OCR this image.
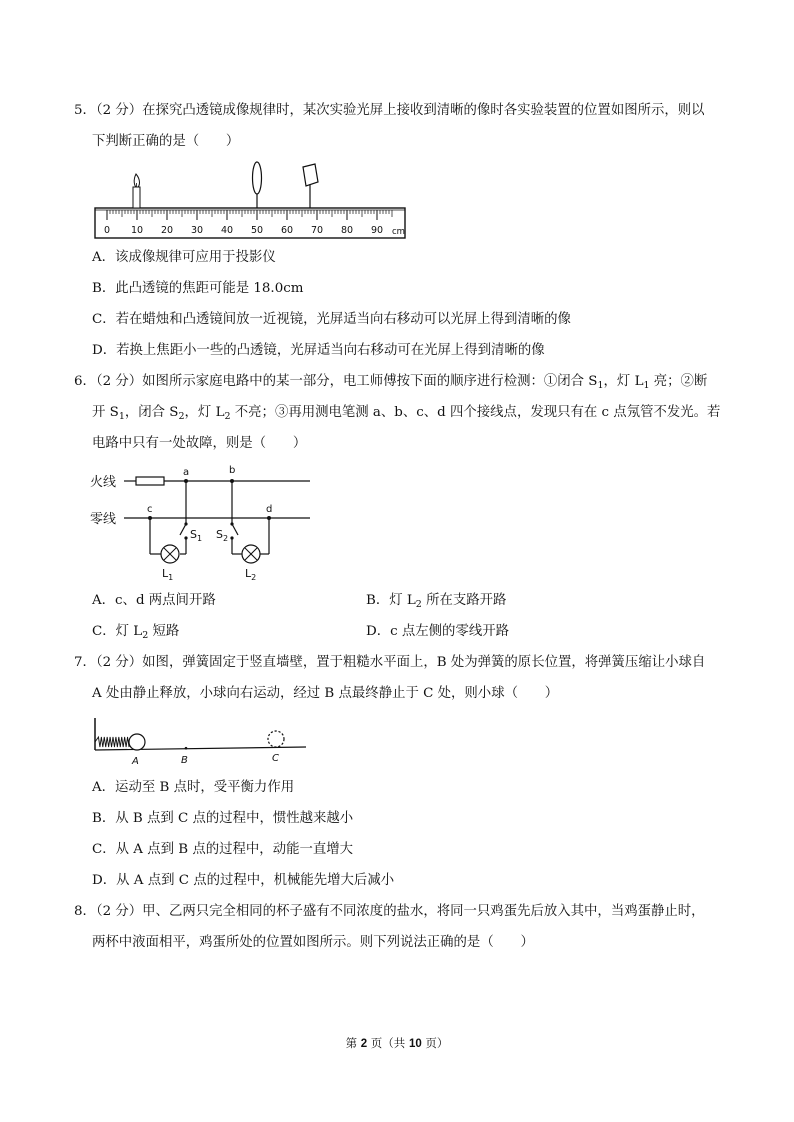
5．（2 分）在探究凸透镜成像规律时，某次实验光屏上接收到清晰的像时各实验装置的位置如图所示，则以
下判断正确的是（　　）
0 10 20 30 40 50 60 70 80 90 cm
A．该成像规律可应用于投影仪
B．此凸透镜的焦距可能是 18.0cm
C．若在蜡烛和凸透镜间放一近视镜，光屏适当向右移动可以光屏上得到清晰的像
D．若换上焦距小一些的凸透镜，光屏适当向右移动可在光屏上得到清晰的像
6．（2 分）如图所示家庭电路中的某一部分，电工师傅按下面的顺序进行检测：①闭合 $S_1$，灯 $L_1$ 亮；②断
开 $S_1$，闭合 $S_2$，灯 $L_2$ 不亮；③再用测电笔测 a、b、c、d 四个接线点，发现只有在 c 点氖管不发光。若
电路中只有一处故障，则是（　　）
火线
零线
a	b
c	d
$S_1$
$L_1$
$S_2$
$L_2$
A．c、d 两点间开路	B．灯 $L_2$ 所在支路开路
C．灯 $L_2$ 短路	D．c 点左侧的零线开路
7．（2 分）如图，弹簧固定于竖直墙壁，置于粗糙水平面上，B 处为弹簧的原长位置，将弹簧压缩让小球自
A 处由静止释放，小球向右运动，经过 B 点最终静止于 C 处，则小球（　　）
A	B	C
A．运动至 B 点时，受平衡力作用
B．从 B 点到 C 点的过程中，惯性越来越小
C．从 A 点到 B 点的过程中，动能一直增大
D．从 A 点到 C 点的过程中，机械能先增大后减小
8．（2 分）甲、乙两只完全相同的杯子盛有不同浓度的盐水，将同一只鸡蛋先后放入其中，当鸡蛋静止时，
两杯中液面相平，鸡蛋所处的位置如图所示。则下列说法正确的是（　　）
第 2 页（共 10 页）
